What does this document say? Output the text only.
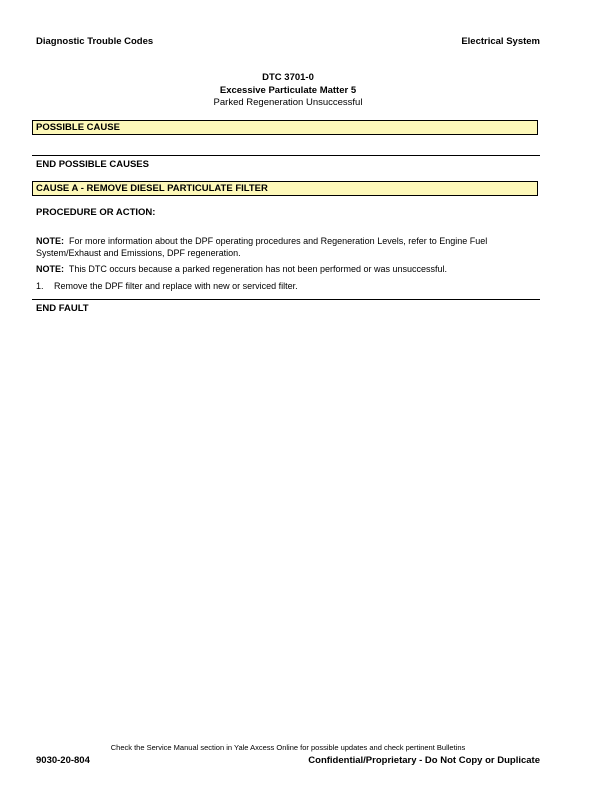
Diagnostic Trouble Codes	Electrical System
DTC 3701-0
Excessive Particulate Matter 5
Parked Regeneration Unsuccessful
POSSIBLE CAUSE
END POSSIBLE CAUSES
CAUSE A - REMOVE DIESEL PARTICULATE FILTER
PROCEDURE OR ACTION:
NOTE: For more information about the DPF operating procedures and Regeneration Levels, refer to Engine Fuel System/Exhaust and Emissions, DPF regeneration.
NOTE: This DTC occurs because a parked regeneration has not been performed or was unsuccessful.
1. Remove the DPF filter and replace with new or serviced filter.
END FAULT
Check the Service Manual section in Yale Axcess Online for possible updates and check pertinent Bulletins
9030-20-804	Confidential/Proprietary - Do Not Copy or Duplicate
